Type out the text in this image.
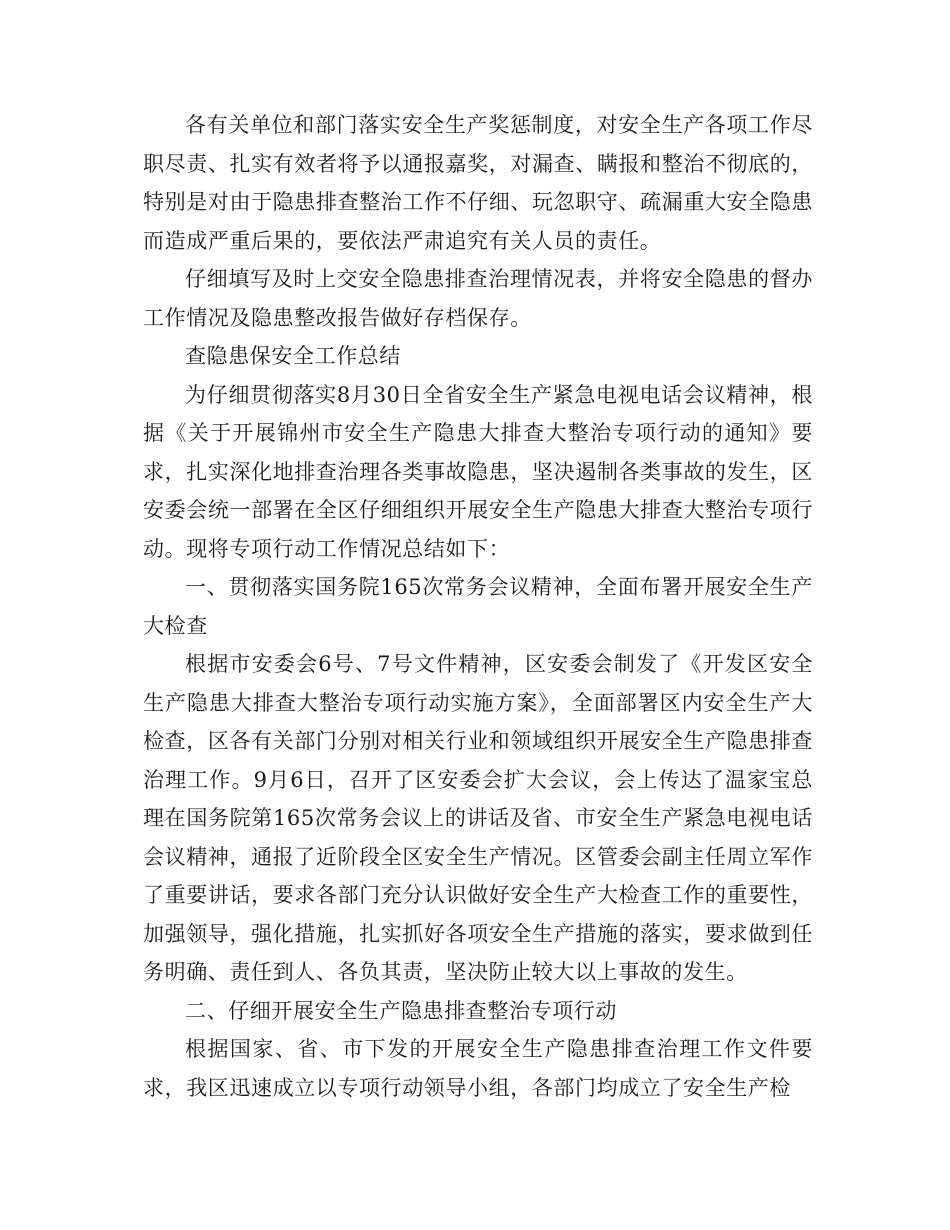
各有关单位和部门落实安全生产奖惩制度，对安全生产各项工作尽职尽责、扎实有效者将予以通报嘉奖，对漏查、瞒报和整治不彻底的，特别是对由于隐患排查整治工作不仔细、玩忽职守、疏漏重大安全隐患而造成严重后果的，要依法严肃追究有关人员的责任。

仔细填写及时上交安全隐患排查治理情况表，并将安全隐患的督办工作情况及隐患整改报告做好存档保存。

查隐患保安全工作总结

为仔细贯彻落实8月30日全省安全生产紧急电视电话会议精神，根据《关于开展锦州市安全生产隐患大排查大整治专项行动的通知》要求，扎实深化地排查治理各类事故隐患，坚决遏制各类事故的发生，区安委会统一部署在全区仔细组织开展安全生产隐患大排查大整治专项行动。现将专项行动工作情况总结如下：

一、贯彻落实国务院165次常务会议精神，全面布署开展安全生产大检查

根据市安委会6号、7号文件精神，区安委会制发了《开发区安全生产隐患大排查大整治专项行动实施方案》，全面部署区内安全生产大检查，区各有关部门分别对相关行业和领域组织开展安全生产隐患排查治理工作。9月6日，召开了区安委会扩大会议，会上传达了温家宝总理在国务院第165次常务会议上的讲话及省、市安全生产紧急电视电话会议精神，通报了近阶段全区安全生产情况。区管委会副主任周立军作了重要讲话，要求各部门充分认识做好安全生产大检查工作的重要性，加强领导，强化措施，扎实抓好各项安全生产措施的落实，要求做到任务明确、责任到人、各负其责，坚决防止较大以上事故的发生。

二、仔细开展安全生产隐患排查整治专项行动

根据国家、省、市下发的开展安全生产隐患排查治理工作文件要求，我区迅速成立以专项行动领导小组，各部门均成立了安全生产检
